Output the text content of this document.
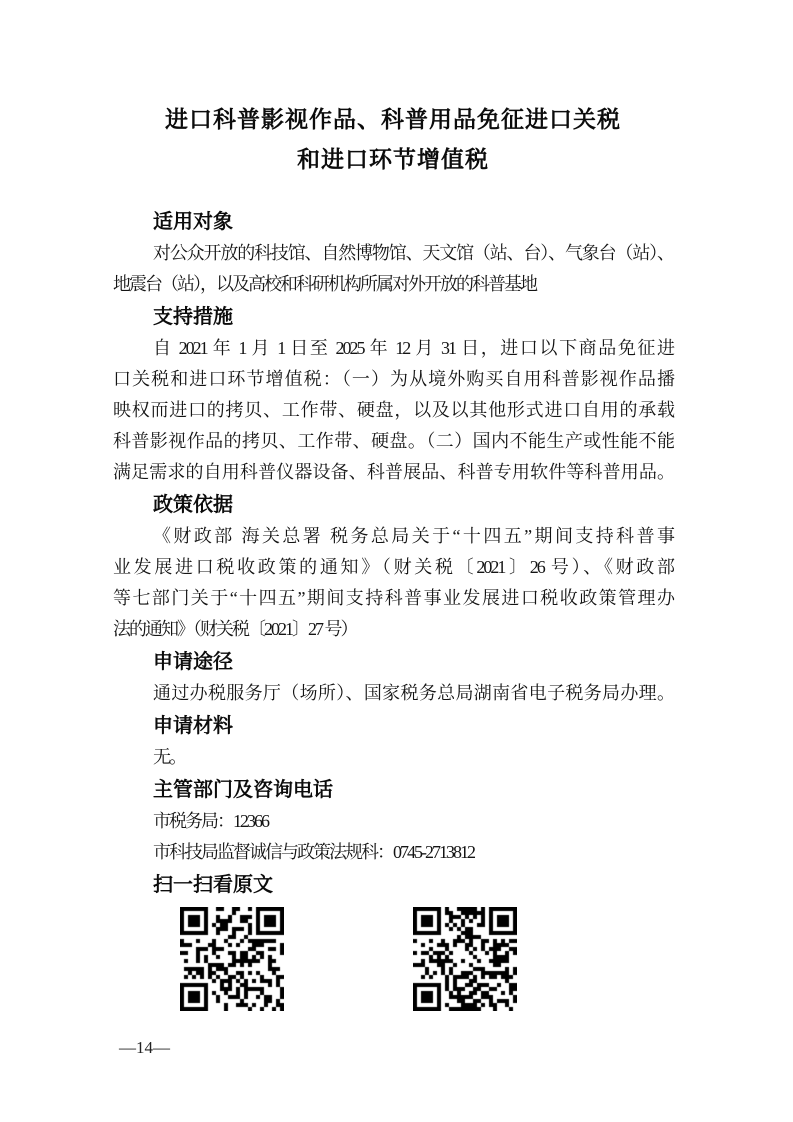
进口科普影视作品、科普用品免征进口关税
和进口环节增值税
适用对象
对公众开放的科技馆、自然博物馆、天文馆（站、台）、气象台（站）、
地震台（站），以及高校和科研机构所属对外开放的科普基地
支持措施
自 2021 年 1 月 1 日至 2025 年 12 月 31 日，进口以下商品免征进
口关税和进口环节增值税：（一）为从境外购买自用科普影视作品播
映权而进口的拷贝、工作带、硬盘，以及以其他形式进口自用的承载
科普影视作品的拷贝、工作带、硬盘。（二）国内不能生产或性能不能
满足需求的自用科普仪器设备、科普展品、科普专用软件等科普用品。
政策依据
《财政部 海关总署 税务总局关于“十四五”期间支持科普事
业发展进口税收政策的通知》（财关税〔2021〕26 号）、《财政部
等七部门关于“十四五”期间支持科普事业发展进口税收政策管理办
法的通知》（财关税〔2021〕27 号）
申请途径
通过办税服务厅（场所）、国家税务总局湖南省电子税务局办理。
申请材料
无。
主管部门及咨询电话
市税务局：12366
市科技局监督诚信与政策法规科：0745-2713812
扫一扫看原文
—14—
